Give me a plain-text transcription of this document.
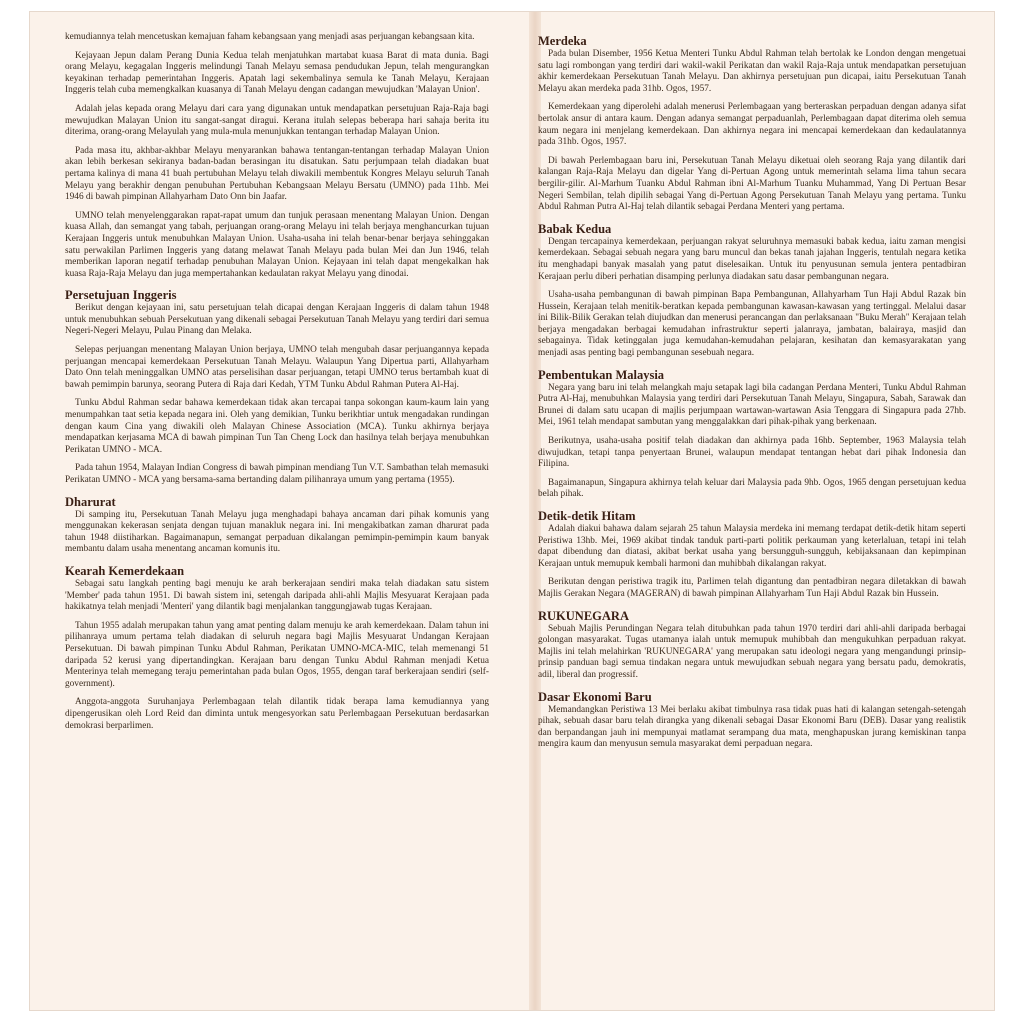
kemudiannya telah mencetuskan kemajuan faham kebangsaan yang menjadi asas perjuangan kebangsaan kita.

Kejayaan Jepun dalam Perang Dunia Kedua telah menjatuhkan martabat kuasa Barat di mata dunia. Bagi orang Melayu, kegagalan Inggeris melindungi Tanah Melayu semasa pendudukan Jepun, telah mengurangkan keyakinan terhadap pemerintahan Inggeris. Apatah lagi sekembalinya semula ke Tanah Melayu, Kerajaan Inggeris telah cuba memengkalkan kuasanya di Tanah Melayu dengan cadangan mewujudkan 'Malayan Union'.

Adalah jelas kepada orang Melayu dari cara yang digunakan untuk mendapatkan persetujuan Raja-Raja bagi mewujudkan Malayan Union itu sangat-sangat diragui. Kerana itulah selepas beberapa hari sahaja berita itu diterima, orang-orang Melayulah yang mula-mula menunjukkan tentangan terhadap Malayan Union.

Pada masa itu, akhbar-akhbar Melayu menyarankan bahawa tentangan-tentangan terhadap Malayan Union akan lebih berkesan sekiranya badan-badan berasingan itu disatukan. Satu perjumpaan telah diadakan buat pertama kalinya di mana 41 buah pertubuhan Melayu telah diwakili membentuk Kongres Melayu seluruh Tanah Melayu yang berakhir dengan penubuhan Pertubuhan Kebangsaan Melayu Bersatu (UMNO) pada 11hb. Mei 1946 di bawah pimpinan Allahyarham Dato Onn bin Jaafar.

UMNO telah menyelenggarakan rapat-rapat umum dan tunjuk perasaan menentang Malayan Union. Dengan kuasa Allah, dan semangat yang tabah, perjuangan orang-orang Melayu ini telah berjaya menghancurkan tujuan Kerajaan Inggeris untuk menubuhkan Malayan Union. Usaha-usaha ini telah benar-benar berjaya sehinggakan satu perwakilan Parlimen Inggeris yang datang melawat Tanah Melayu pada bulan Mei dan Jun 1946, telah memberikan laporan negatif terhadap penubuhan Malayan Union. Kejayaan ini telah dapat mengekalkan hak kuasa Raja-Raja Melayu dan juga mempertahankan kedaulatan rakyat Melayu yang dinodai.

Persetujuan Inggeris

Berikut dengan kejayaan ini, satu persetujuan telah dicapai dengan Kerajaan Inggeris di dalam tahun 1948 untuk menubuhkan sebuah Persekutuan yang dikenali sebagai Persekutuan Tanah Melayu yang terdiri dari semua Negeri-Negeri Melayu, Pulau Pinang dan Melaka.

Selepas perjuangan menentang Malayan Union berjaya, UMNO telah mengubah dasar perjuangannya kepada perjuangan mencapai kemerdekaan Persekutuan Tanah Melayu. Walaupun Yang Dipertua parti, Allahyarham Dato Onn telah meninggalkan UMNO atas perselisihan dasar perjuangan, tetapi UMNO terus bertambah kuat di bawah pemimpin barunya, seorang Putera di Raja dari Kedah, YTM Tunku Abdul Rahman Putera Al-Haj.

Tunku Abdul Rahman sedar bahawa kemerdekaan tidak akan tercapai tanpa sokongan kaum-kaum lain yang menumpahkan taat setia kepada negara ini. Oleh yang demikian, Tunku berikhtiar untuk mengadakan rundingan dengan kaum Cina yang diwakili oleh Malayan Chinese Association (MCA). Tunku akhirnya berjaya mendapatkan kerjasama MCA di bawah pimpinan Tun Tan Cheng Lock dan hasilnya telah berjaya menubuhkan Perikatan UMNO - MCA.

Pada tahun 1954, Malayan Indian Congress di bawah pimpinan mendiang Tun V.T. Sambathan telah memasuki Perikatan UMNO - MCA yang bersama-sama bertanding dalam pilihanraya umum yang pertama (1955).

Dharurat

Di samping itu, Persekutuan Tanah Melayu juga menghadapi bahaya ancaman dari pihak komunis yang menggunakan kekerasan senjata dengan tujuan manakluk negara ini. Ini mengakibatkan zaman dharurat pada tahun 1948 diistiharkan. Bagaimanapun, semangat perpaduan dikalangan pemimpin-pemimpin kaum banyak membantu dalam usaha menentang ancaman komunis itu.

Kearah Kemerdekaan

Sebagai satu langkah penting bagi menuju ke arah berkerajaan sendiri maka telah diadakan satu sistem 'Member' pada tahun 1951. Di bawah sistem ini, setengah daripada ahli-ahli Majlis Mesyuarat Kerajaan pada hakikatnya telah menjadi 'Menteri' yang dilantik bagi menjalankan tanggungjawab tugas Kerajaan.

Tahun 1955 adalah merupakan tahun yang amat penting dalam menuju ke arah kemerdekaan. Dalam tahun ini pilihanraya umum pertama telah diadakan di seluruh negara bagi Majlis Mesyuarat Undangan Kerajaan Persekutuan. Di bawah pimpinan Tunku Abdul Rahman, Perikatan UMNO-MCA-MIC, telah memenangi 51 daripada 52 kerusi yang dipertandingkan. Kerajaan baru dengan Tunku Abdul Rahman menjadi Ketua Menterinya telah memegang teraju pemerintahan pada bulan Ogos, 1955, dengan taraf berkerajaan sendiri (self-government).

Anggota-anggota Suruhanjaya Perlembagaan telah dilantik tidak berapa lama kemudiannya yang dipengerusikan oleh Lord Reid dan diminta untuk mengesyorkan satu Perlembagaan Persekutuan berdasarkan demokrasi berparlimen.

Merdeka

Pada bulan Disember, 1956 Ketua Menteri Tunku Abdul Rahman telah bertolak ke London dengan mengetuai satu lagi rombongan yang terdiri dari wakil-wakil Perikatan dan wakil Raja-Raja untuk mendapatkan persetujuan akhir kemerdekaan Persekutuan Tanah Melayu. Dan akhirnya persetujuan pun dicapai, iaitu Persekutuan Tanah Melayu akan merdeka pada 31hb. Ogos, 1957.

Kemerdekaan yang diperolehi adalah menerusi Perlembagaan yang berteraskan perpaduan dengan adanya sifat bertolak ansur di antara kaum. Dengan adanya semangat perpaduanlah, Perlembagaan dapat diterima oleh semua kaum negara ini menjelang kemerdekaan. Dan akhirnya negara ini mencapai kemerdekaan dan kedaulatannya pada 31hb. Ogos, 1957.

Di bawah Perlembagaan baru ini, Persekutuan Tanah Melayu diketuai oleh seorang Raja yang dilantik dari kalangan Raja-Raja Melayu dan digelar Yang di-Pertuan Agong untuk memerintah selama lima tahun secara bergilir-gilir. Al-Marhum Tuanku Abdul Rahman ibni Al-Marhum Tuanku Muhammad, Yang Di Pertuan Besar Negeri Sembilan, telah dipilih sebagai Yang di-Pertuan Agong Persekutuan Tanah Melayu yang pertama. Tunku Abdul Rahman Putra Al-Haj telah dilantik sebagai Perdana Menteri yang pertama.

Babak Kedua

Dengan tercapainya kemerdekaan, perjuangan rakyat seluruhnya memasuki babak kedua, iaitu zaman mengisi kemerdekaan. Sebagai sebuah negara yang baru muncul dan bekas tanah jajahan Inggeris, tentulah negara ketika itu menghadapi banyak masalah yang patut diselesaikan. Untuk itu penyusunan semula jentera pentadbiran Kerajaan perlu diberi perhatian disamping perlunya diadakan satu dasar pembangunan negara.

Usaha-usaha pembangunan di bawah pimpinan Bapa Pembangunan, Allahyarham Tun Haji Abdul Razak bin Hussein, Kerajaan telah menitik-beratkan kepada pembangunan kawasan-kawasan yang tertinggal. Melalui dasar ini Bilik-Bilik Gerakan telah diujudkan dan menerusi perancangan dan perlaksanaan "Buku Merah" Kerajaan telah berjaya mengadakan berbagai kemudahan infrastruktur seperti jalanraya, jambatan, balairaya, masjid dan sebagainya. Tidak ketinggalan juga kemudahan-kemudahan pelajaran, kesihatan dan kemasyarakatan yang menjadi asas penting bagi pembangunan sesebuah negara.

Pembentukan Malaysia

Negara yang baru ini telah melangkah maju setapak lagi bila cadangan Perdana Menteri, Tunku Abdul Rahman Putra Al-Haj, menubuhkan Malaysia yang terdiri dari Persekutuan Tanah Melayu, Singapura, Sabah, Sarawak dan Brunei di dalam satu ucapan di majlis perjumpaan wartawan-wartawan Asia Tenggara di Singapura pada 27hb. Mei, 1961 telah mendapat sambutan yang menggalakkan dari pihak-pihak yang berkenaan.

Berikutnya, usaha-usaha positif telah diadakan dan akhirnya pada 16hb. September, 1963 Malaysia telah diwujudkan, tetapi tanpa penyertaan Brunei, walaupun mendapat tentangan hebat dari pihak Indonesia dan Filipina.

Bagaimanapun, Singapura akhirnya telah keluar dari Malaysia pada 9hb. Ogos, 1965 dengan persetujuan kedua belah pihak.

Detik-detik Hitam

Adalah diakui bahawa dalam sejarah 25 tahun Malaysia merdeka ini memang terdapat detik-detik hitam seperti Peristiwa 13hb. Mei, 1969 akibat tindak tanduk parti-parti politik perkauman yang keterlaluan, tetapi ini telah dapat dibendung dan diatasi, akibat berkat usaha yang bersungguh-sungguh, kebijaksanaan dan kepimpinan Kerajaan untuk memupuk kembali harmoni dan muhibbah dikalangan rakyat.

Berikutan dengan peristiwa tragik itu, Parlimen telah digantung dan pentadbiran negara diletakkan di bawah Majlis Gerakan Negara (MAGERAN) di bawah pimpinan Allahyarham Tun Haji Abdul Razak bin Hussein.

RUKUNEGARA

Sebuah Majlis Perundingan Negara telah ditubuhkan pada tahun 1970 terdiri dari ahli-ahli daripada berbagai golongan masyarakat. Tugas utamanya ialah untuk memupuk muhibbah dan mengukuhkan perpaduan rakyat. Majlis ini telah melahirkan 'RUKUNEGARA' yang merupakan satu ideologi negara yang mengandungi prinsip-prinsip panduan bagi semua tindakan negara untuk mewujudkan sebuah negara yang bersatu padu, demokratis, adil, liberal dan progressif.

Dasar Ekonomi Baru

Memandangkan Peristiwa 13 Mei berlaku akibat timbulnya rasa tidak puas hati di kalangan setengah-setengah pihak, sebuah dasar baru telah dirangka yang dikenali sebagai Dasar Ekonomi Baru (DEB). Dasar yang realistik dan berpandangan jauh ini mempunyai matlamat serampang dua mata, menghapuskan jurang kemiskinan tanpa mengira kaum dan menyusun semula masyarakat demi perpaduan negara.
